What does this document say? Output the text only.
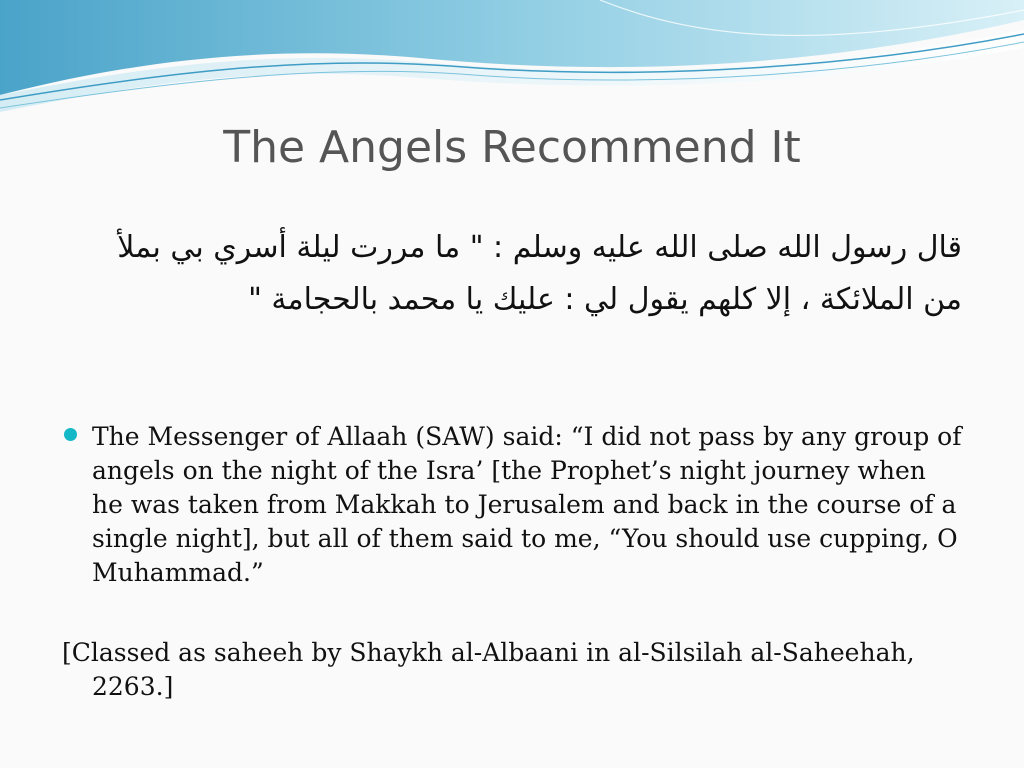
The Angels Recommend It

قال رسول الله صلى الله عليه وسلم : " ما مررت ليلة أسري بي بملأ من الملائكة ، إلا كلهم يقول لي : عليك يا محمد بالحجامة "

The Messenger of Allaah (SAW) said: “I did not pass by any group of angels on the night of the Isra’ [the Prophet’s night journey when he was taken from Makkah to Jerusalem and back in the course of a single night], but all of them said to me, “You should use cupping, O Muhammad.”

[Classed as saheeh by Shaykh al-Albaani in al-Silsilah al-Saheehah, 2263.]
